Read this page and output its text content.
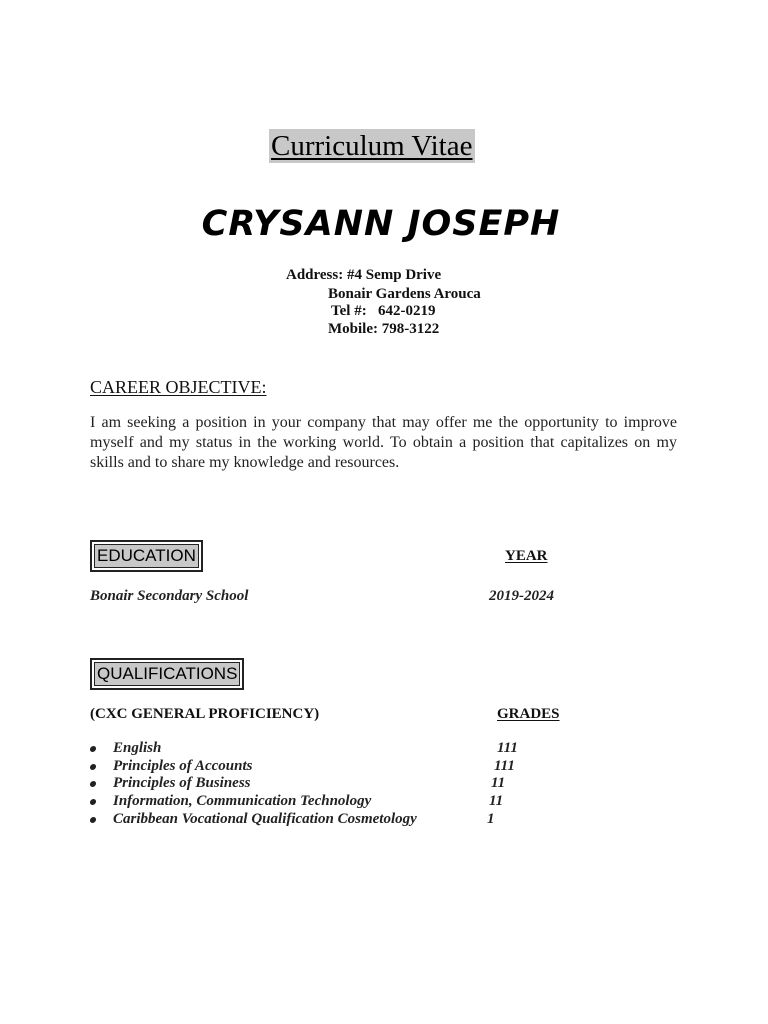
Curriculum Vitae
CRYSANN JOSEPH
Address: #4 Semp Drive
Bonair Gardens Arouca
Tel #:   642-0219
Mobile: 798-3122
CAREER OBJECTIVE:
I am seeking a position in your company that may offer me the opportunity to improve myself and my status in the working world. To obtain a position that capitalizes on my skills and to share my knowledge and resources.
EDUCATION	YEAR
Bonair Secondary School	2019-2024
QUALIFICATIONS
(CXC GENERAL PROFICIENCY)	GRADES
English	111
Principles of Accounts	111
Principles of Business	11
Information, Communication Technology	11
Caribbean Vocational Qualification Cosmetology	1
